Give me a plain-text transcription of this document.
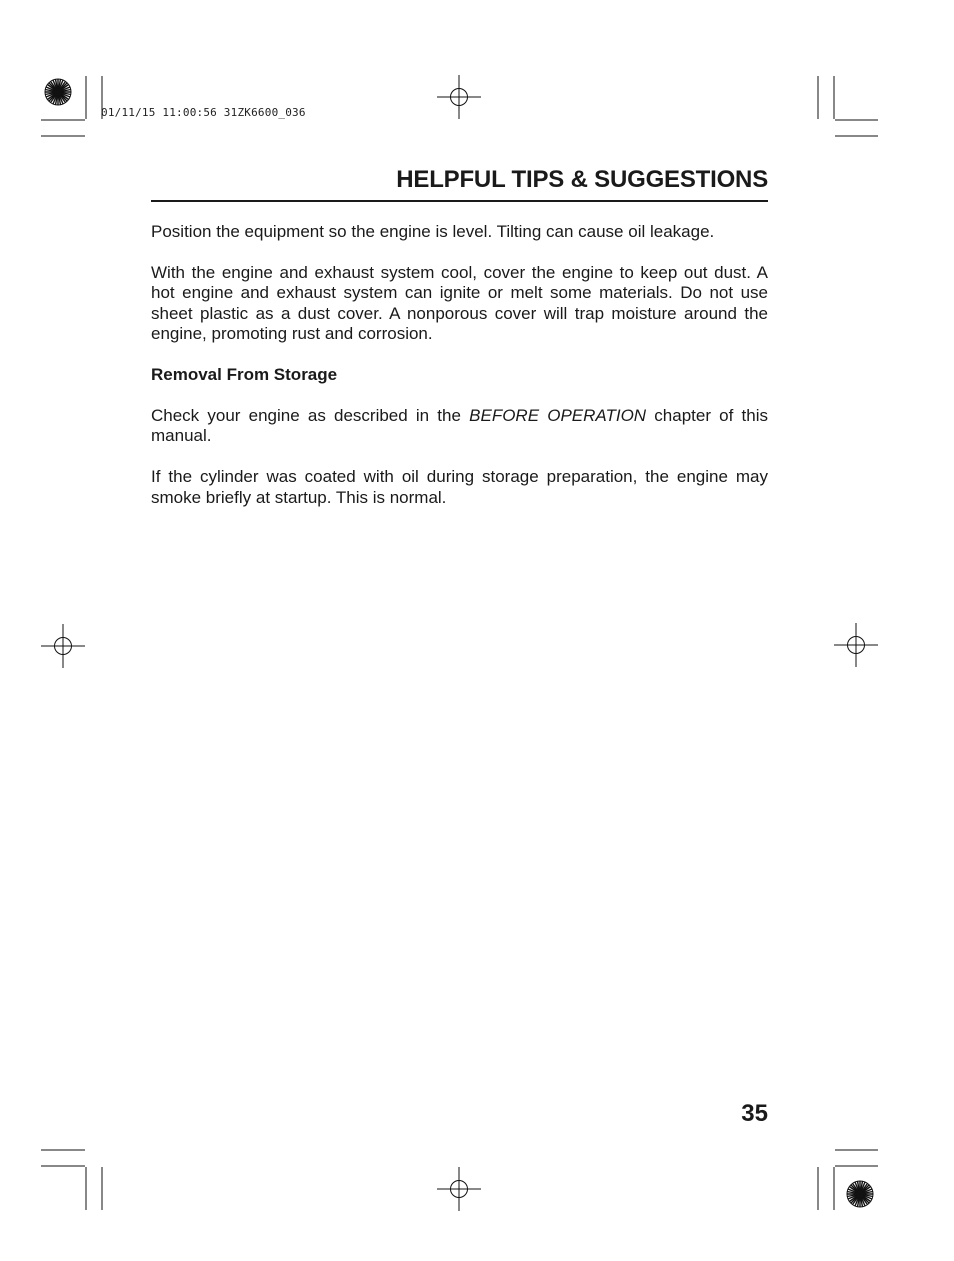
01/11/15 11:00:56 31ZK6600_036
HELPFUL TIPS & SUGGESTIONS

Position the equipment so the engine is level. Tilting can cause oil leakage.

With the engine and exhaust system cool, cover the engine to keep out dust. A hot engine and exhaust system can ignite or melt some materials. Do not use sheet plastic as a dust cover. A nonporous cover will trap moisture around the engine, promoting rust and corrosion.

Removal From Storage

Check your engine as described in the BEFORE OPERATION chapter of this manual.

If the cylinder was coated with oil during storage preparation, the engine may smoke briefly at startup. This is normal.

35
